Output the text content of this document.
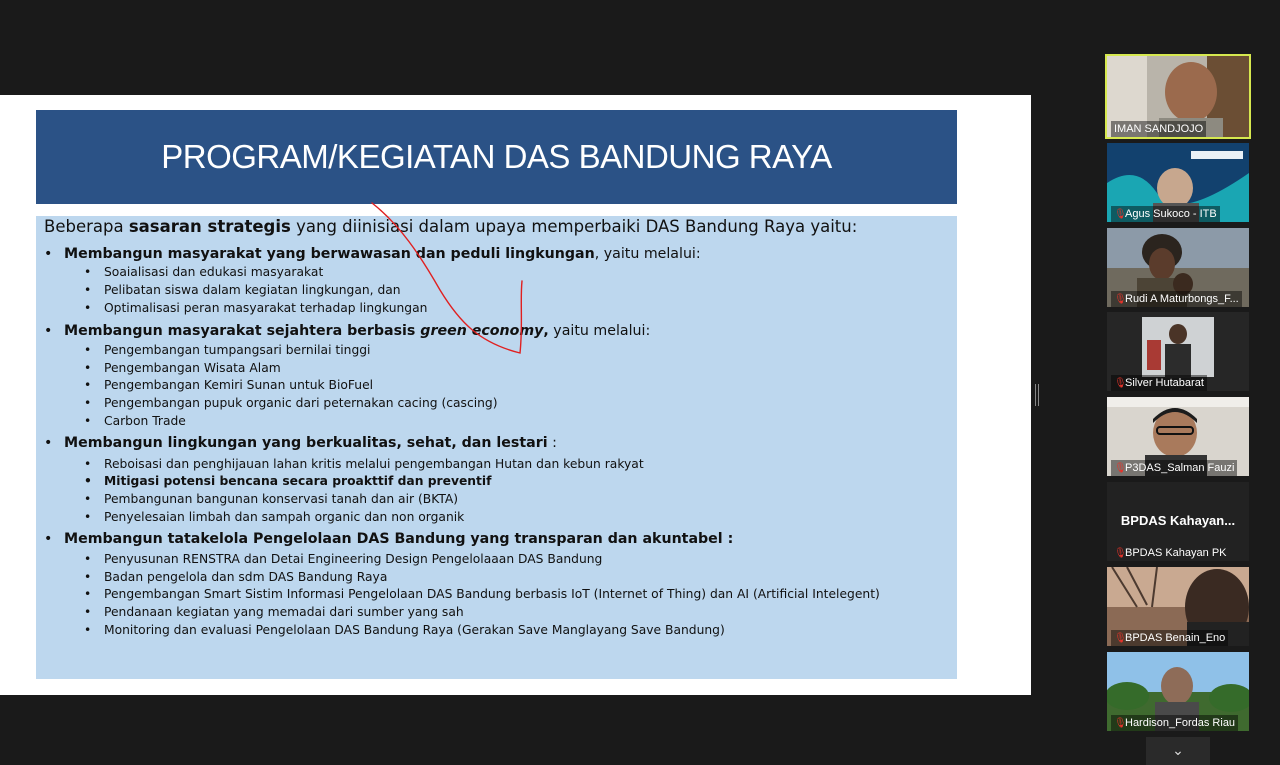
PROGRAM/KEGIATAN DAS BANDUNG RAYA
Beberapa sasaran strategis yang diinisiasi dalam upaya memperbaiki DAS Bandung Raya yaitu:
• Membangun masyarakat yang berwawasan dan peduli lingkungan, yaitu melalui:
• Soaialisasi dan edukasi masyarakat
• Pelibatan siswa dalam kegiatan lingkungan, dan
• Optimalisasi peran masyarakat terhadap lingkungan
• Membangun masyarakat sejahtera berbasis green economy, yaitu melalui:
• Pengembangan tumpangsari bernilai tinggi
• Pengembangan Wisata Alam
• Pengembangan Kemiri Sunan untuk BioFuel
• Pengembangan pupuk organic dari peternakan cacing (cascing)
• Carbon Trade
• Membangun lingkungan yang berkualitas, sehat, dan lestari :
• Reboisasi dan penghijauan lahan kritis melalui pengembangan Hutan dan kebun rakyat
• Mitigasi potensi bencana secara proakttif dan preventif
• Pembangunan bangunan konservasi tanah dan air (BKTA)
• Penyelesaian limbah dan sampah organic dan non organik
• Membangun tatakelola Pengelolaan DAS Bandung yang transparan dan akuntabel :
• Penyusunan RENSTRA dan Detai Engineering Design Pengelolaaan DAS Bandung
• Badan pengelola dan sdm DAS Bandung Raya
• Pengembangan Smart Sistim Informasi Pengelolaan DAS Bandung berbasis IoT (Internet of Thing) dan AI (Artificial Intelegent)
• Pendanaan kegiatan yang memadai dari sumber yang sah
• Monitoring dan evaluasi Pengelolaan DAS Bandung Raya (Gerakan Save Manglayang Save Bandung)
IMAN SANDJOJO
🎙Agus Sukoco - ITB
🎙Rudi A Maturbongs_F...
🎙Silver Hutabarat
🎙P3DAS_Salman Fauzi
BPDAS Kahayan...
🎙BPDAS Kahayan PK
🎙BPDAS Benain_Eno
🎙Hardison_Fordas Riau
⌄
